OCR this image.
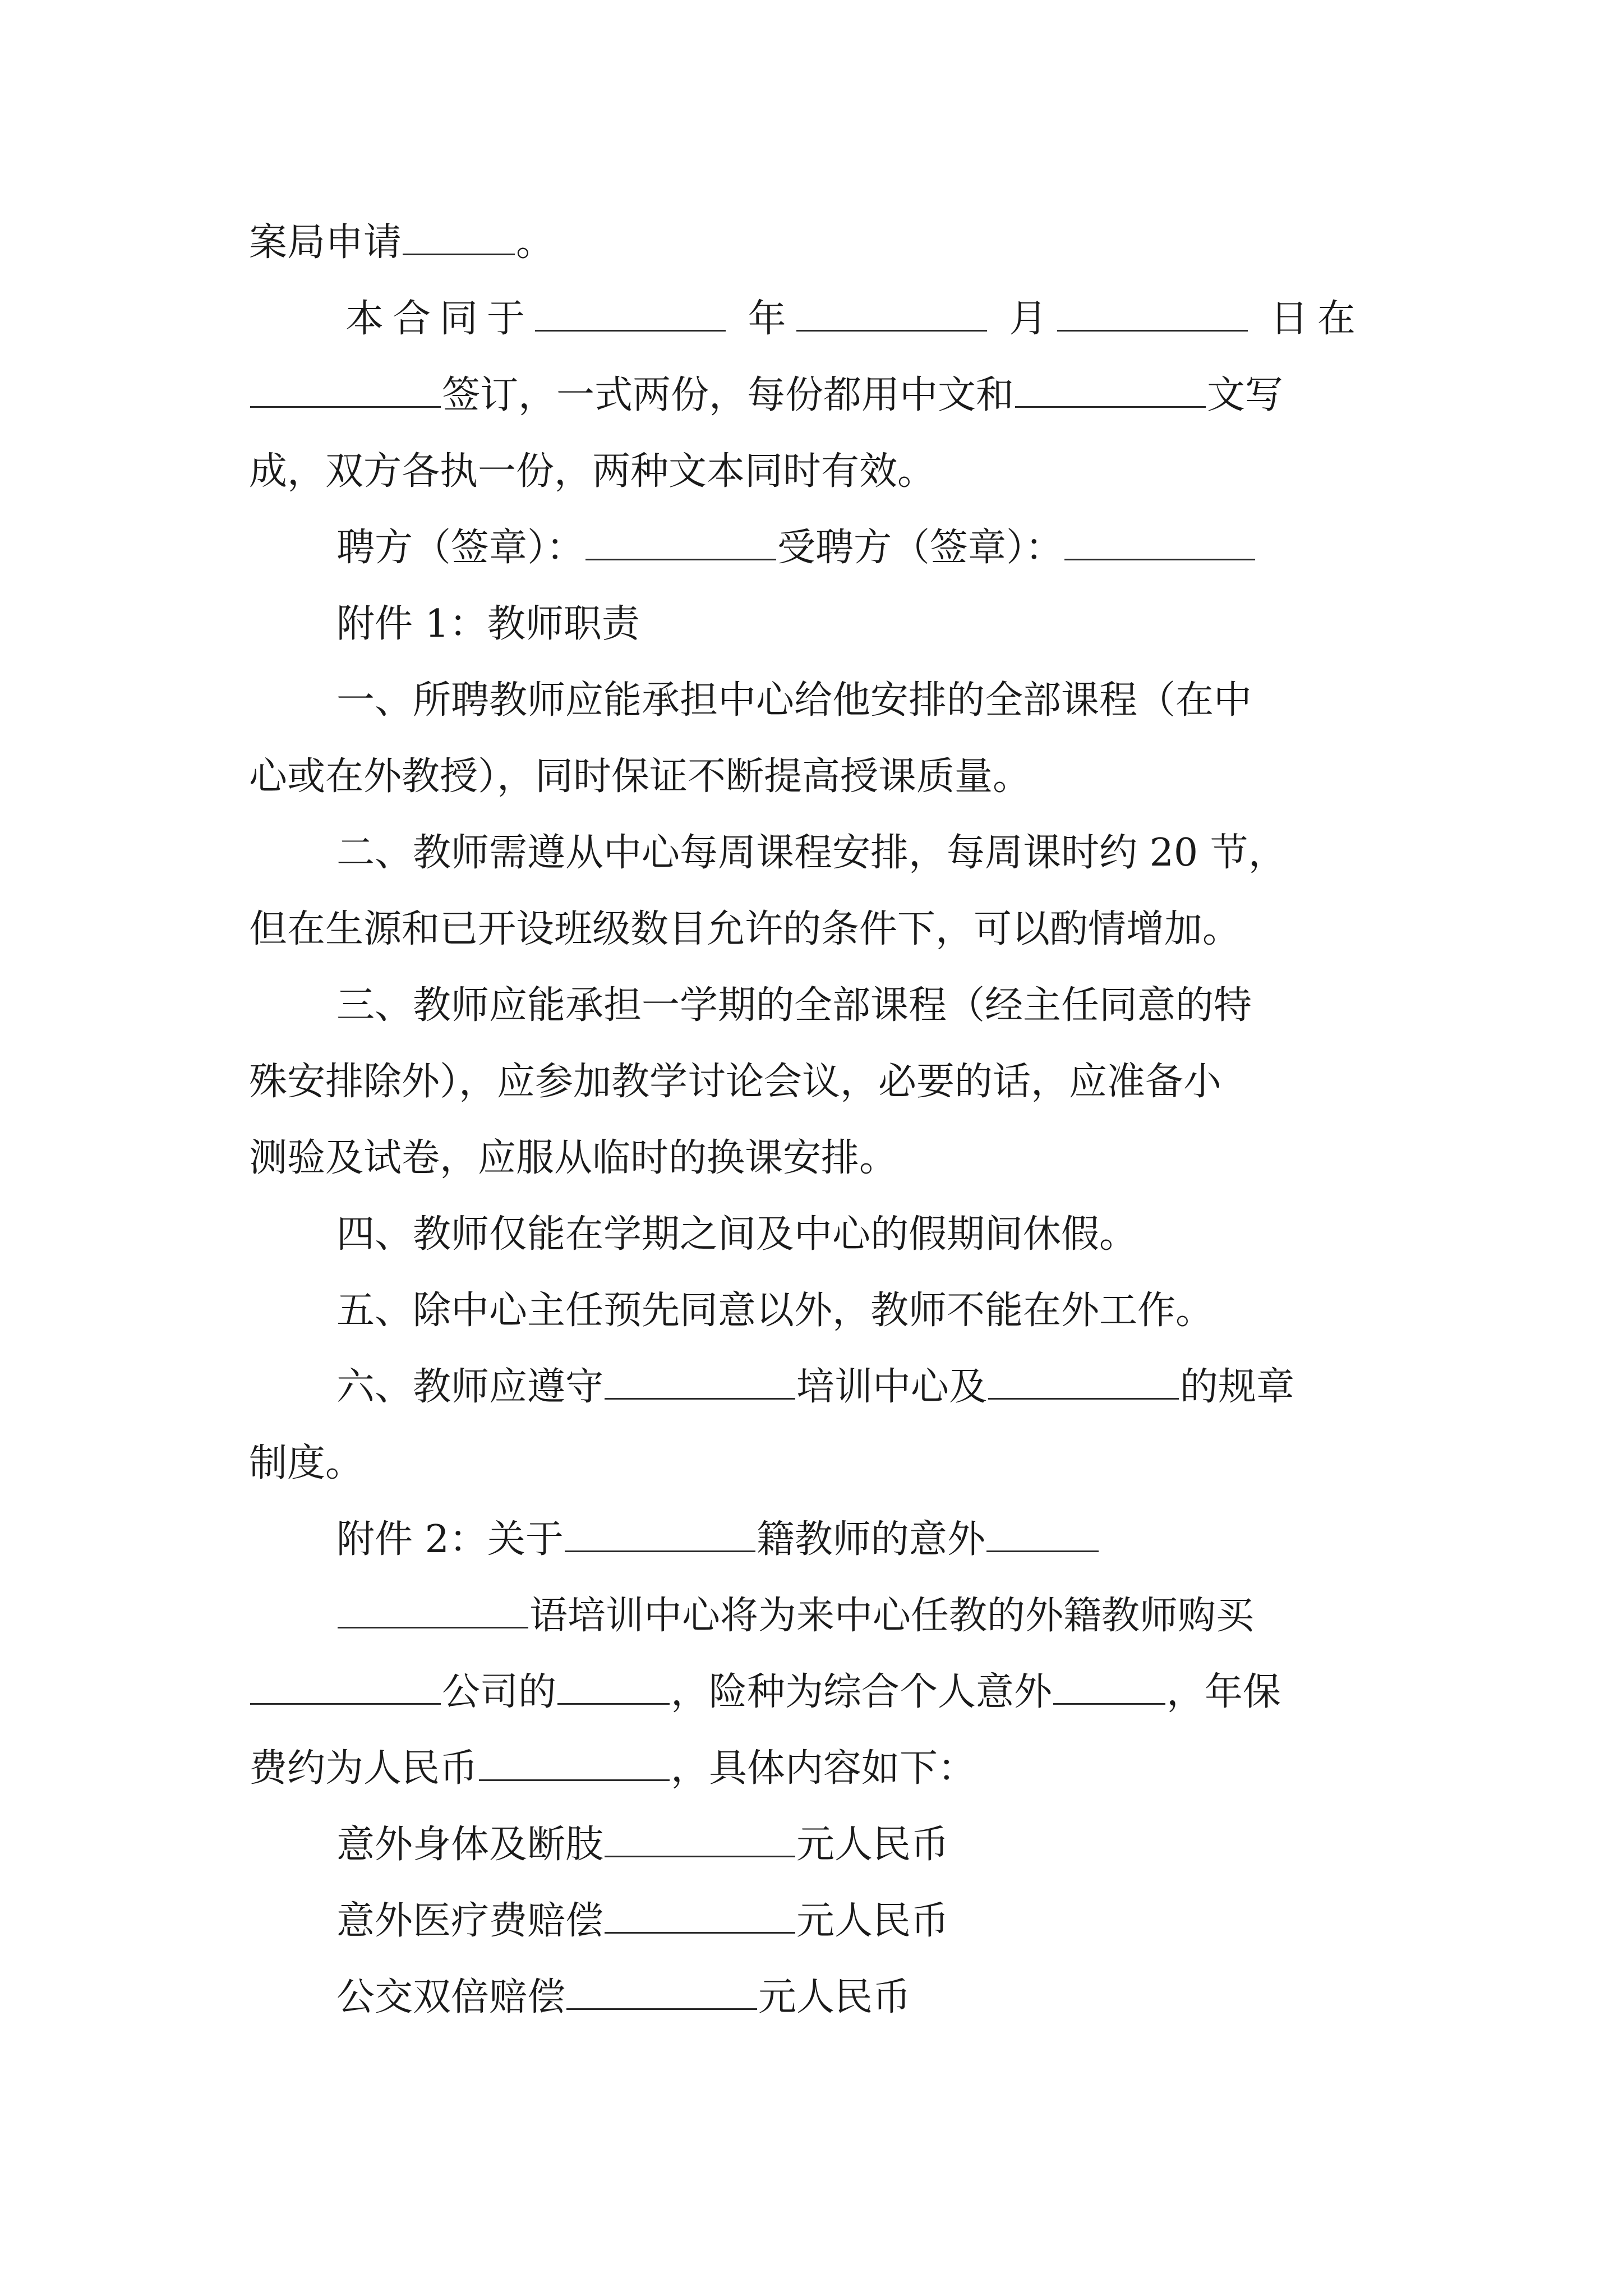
案局申请	。
本合同于	年	月	日在
签订，一式两份，每份都用中文和	文写
成，双方各执一份，两种文本同时有效。
聘方（签章）：	受聘方（签章）：
附件 1：教师职责
一、所聘教师应能承担中心给他安排的全部课程（在中
心或在外教授），同时保证不断提高授课质量。
二、教师需遵从中心每周课程安排，每周课时约 20 节，
但在生源和已开设班级数目允许的条件下，可以酌情增加。
三、教师应能承担一学期的全部课程（经主任同意的特
殊安排除外），应参加教学讨论会议，必要的话，应准备小
测验及试卷，应服从临时的换课安排。
四、教师仅能在学期之间及中心的假期间休假。
五、除中心主任预先同意以外，教师不能在外工作。
六、教师应遵守	培训中心及	的规章
制度。
附件 2：关于	籍教师的意外
语培训中心将为来中心任教的外籍教师购买
公司的	，险种为综合个人意外	，年保
费约为人民币	，具体内容如下：
意外身体及断肢	元人民币
意外医疗费赔偿	元人民币
公交双倍赔偿	元人民币
